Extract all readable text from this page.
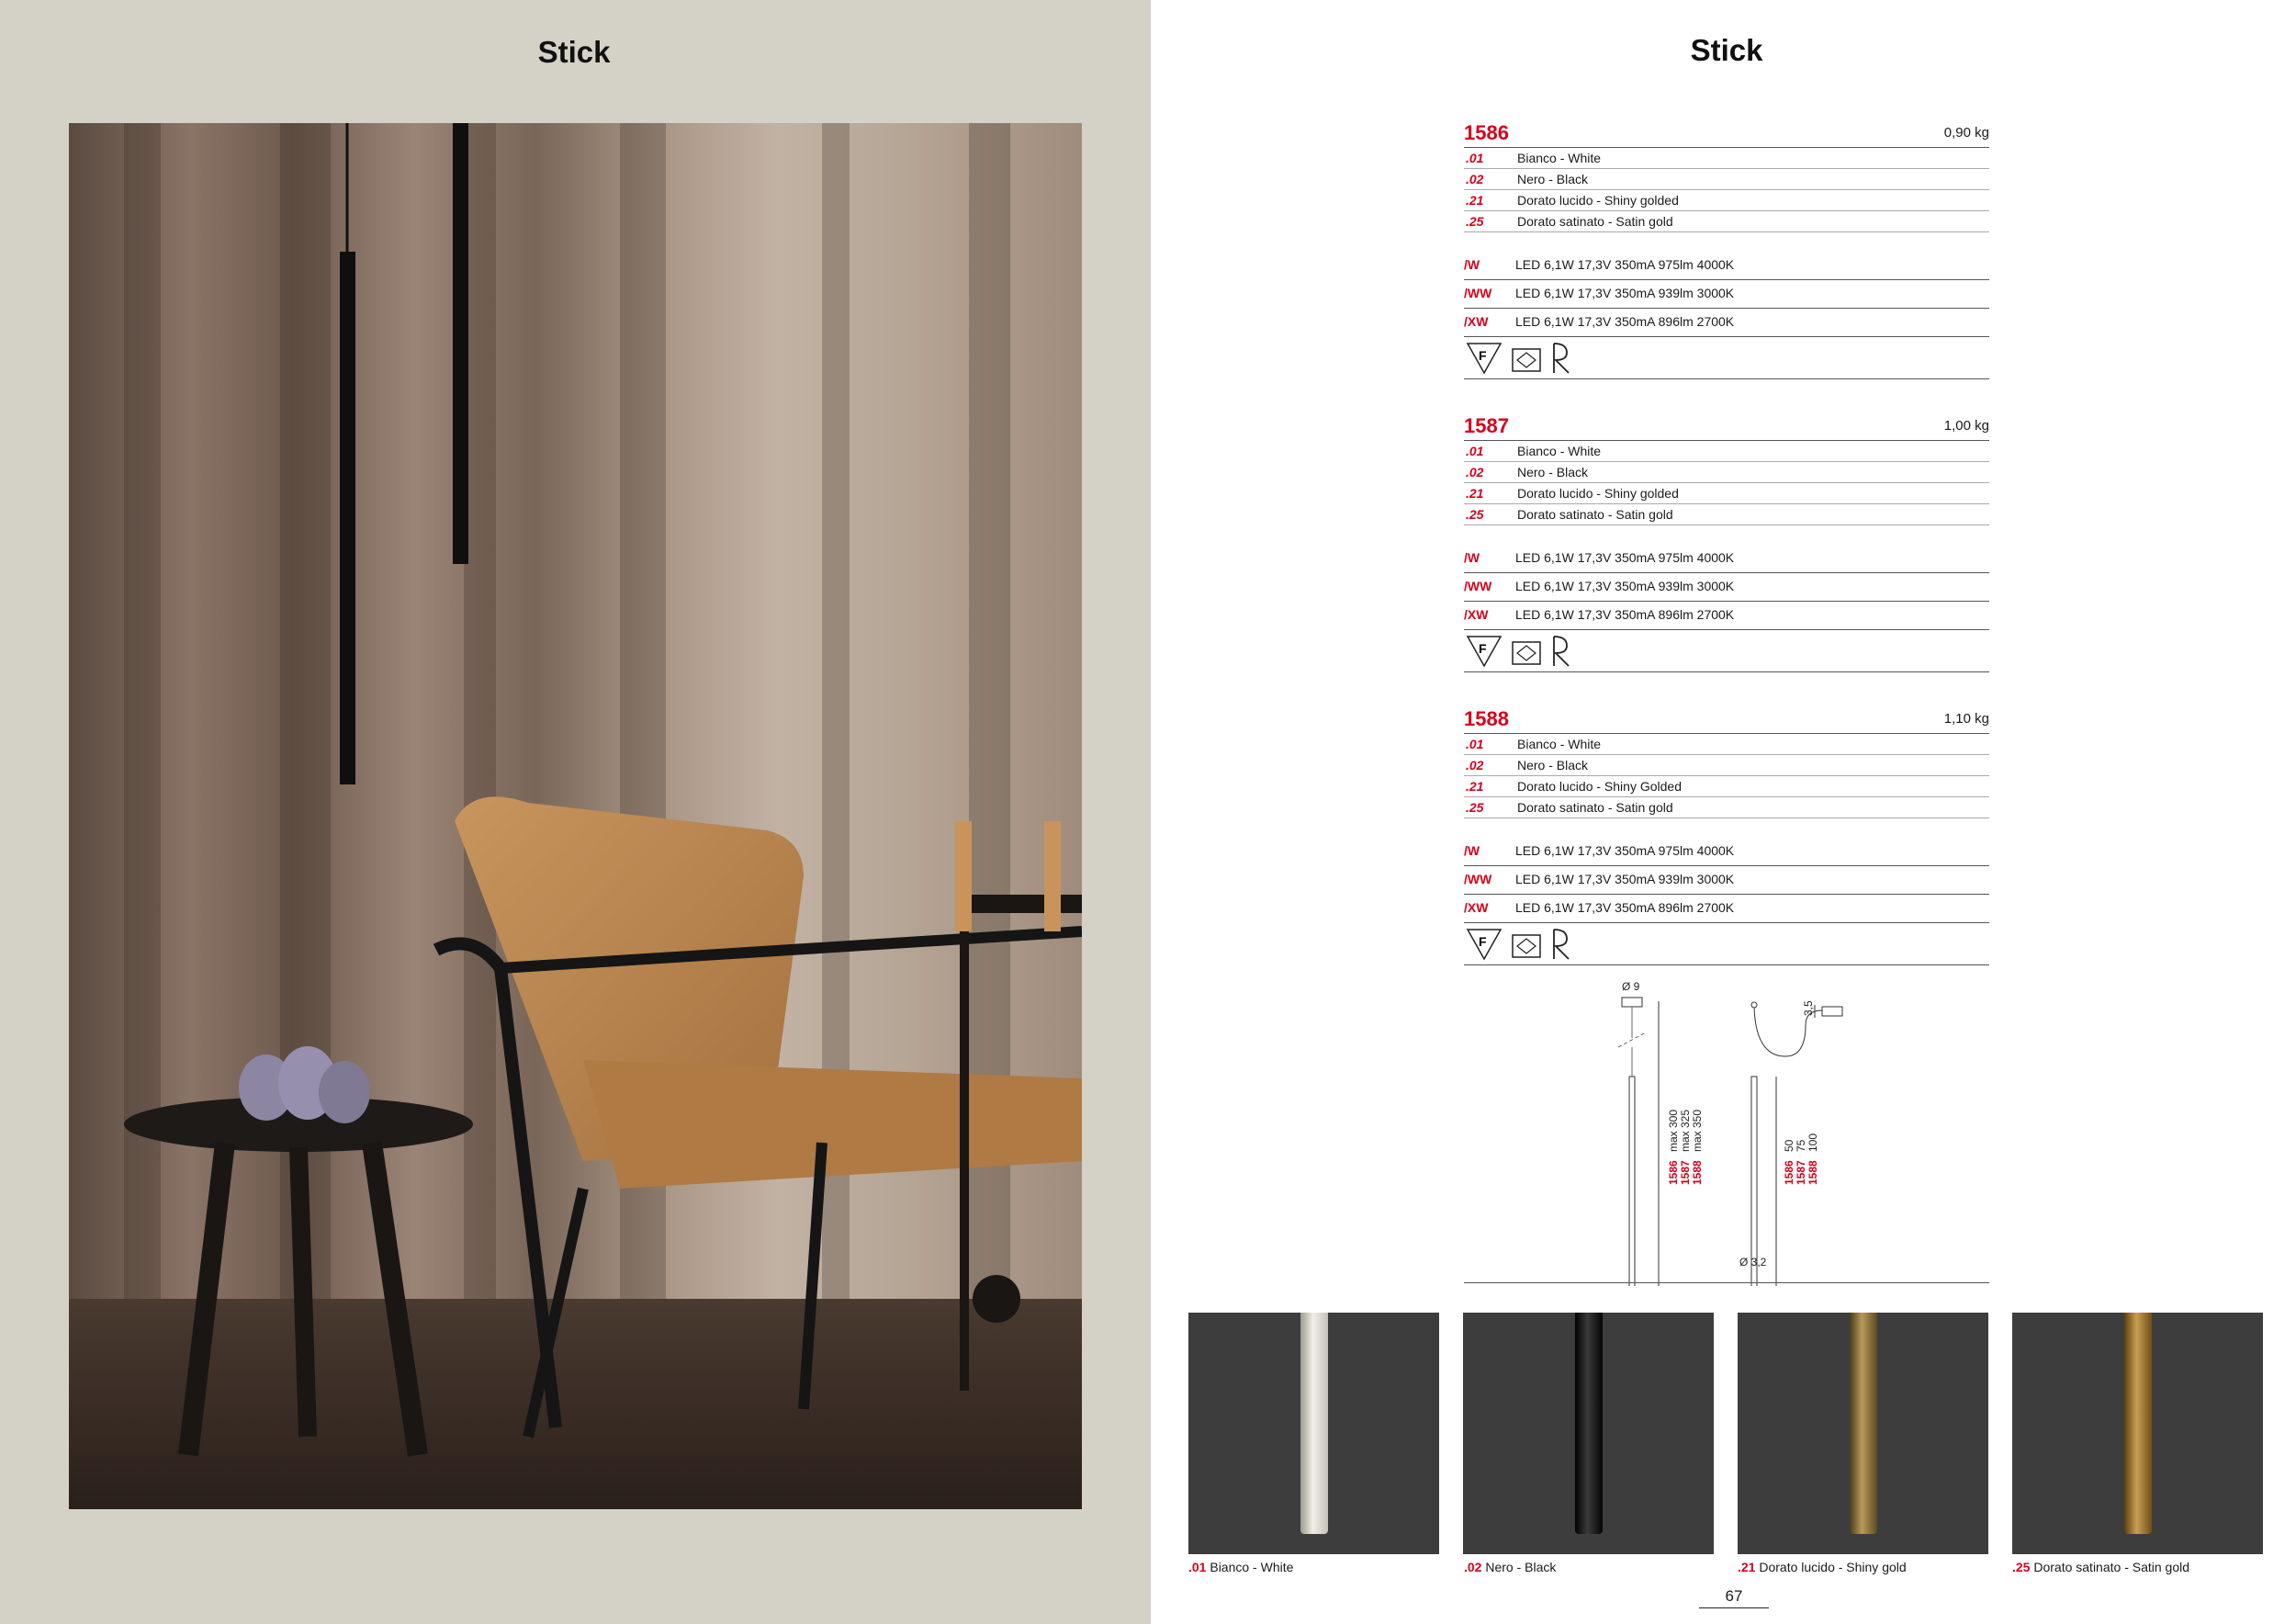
Stick	Stick
1586	0,90 kg
.01	Bianco - White
.02	Nero - Black
.21	Dorato lucido - Shiny golded
.25	Dorato satinato - Satin gold
/W	LED 6,1W 17,3V 350mA 975lm 4000K
/WW LED 6,1W 17,3V 350mA 939lm 3000K
/XW LED 6,1W 17,3V 350mA 896lm 2700K
F
1587	1,00 kg
.01	Bianco - White
.02	Nero - Black
.21	Dorato lucido - Shiny golded
.25	Dorato satinato - Satin gold
/W	LED 6,1W 17,3V 350mA 975lm 4000K
/WW LED 6,1W 17,3V 350mA 939lm 3000K
/XW LED 6,1W 17,3V 350mA 896lm 2700K
F
1588	1,10 kg
.01	Bianco - White
.02	Nero - Black
.21	Dorato lucido - Shiny Golded
.25	Dorato satinato - Satin gold
/W	LED 6,1W 17,3V 350mA 975lm 4000K
/WW LED 6,1W 17,3V 350mA 939lm 3000K
/XW LED 6,1W 17,3V 350mA 896lm 2700K
F
Ø 9
1586
max 300
1587
max 325
1588
max 350
3,5
1586
50
1587
75
1588
100
Ø 3,2
.01 Bianco - White	.02 Nero - Black	.21 Dorato lucido - Shiny gold	.25 Dorato satinato - Satin gold
67
